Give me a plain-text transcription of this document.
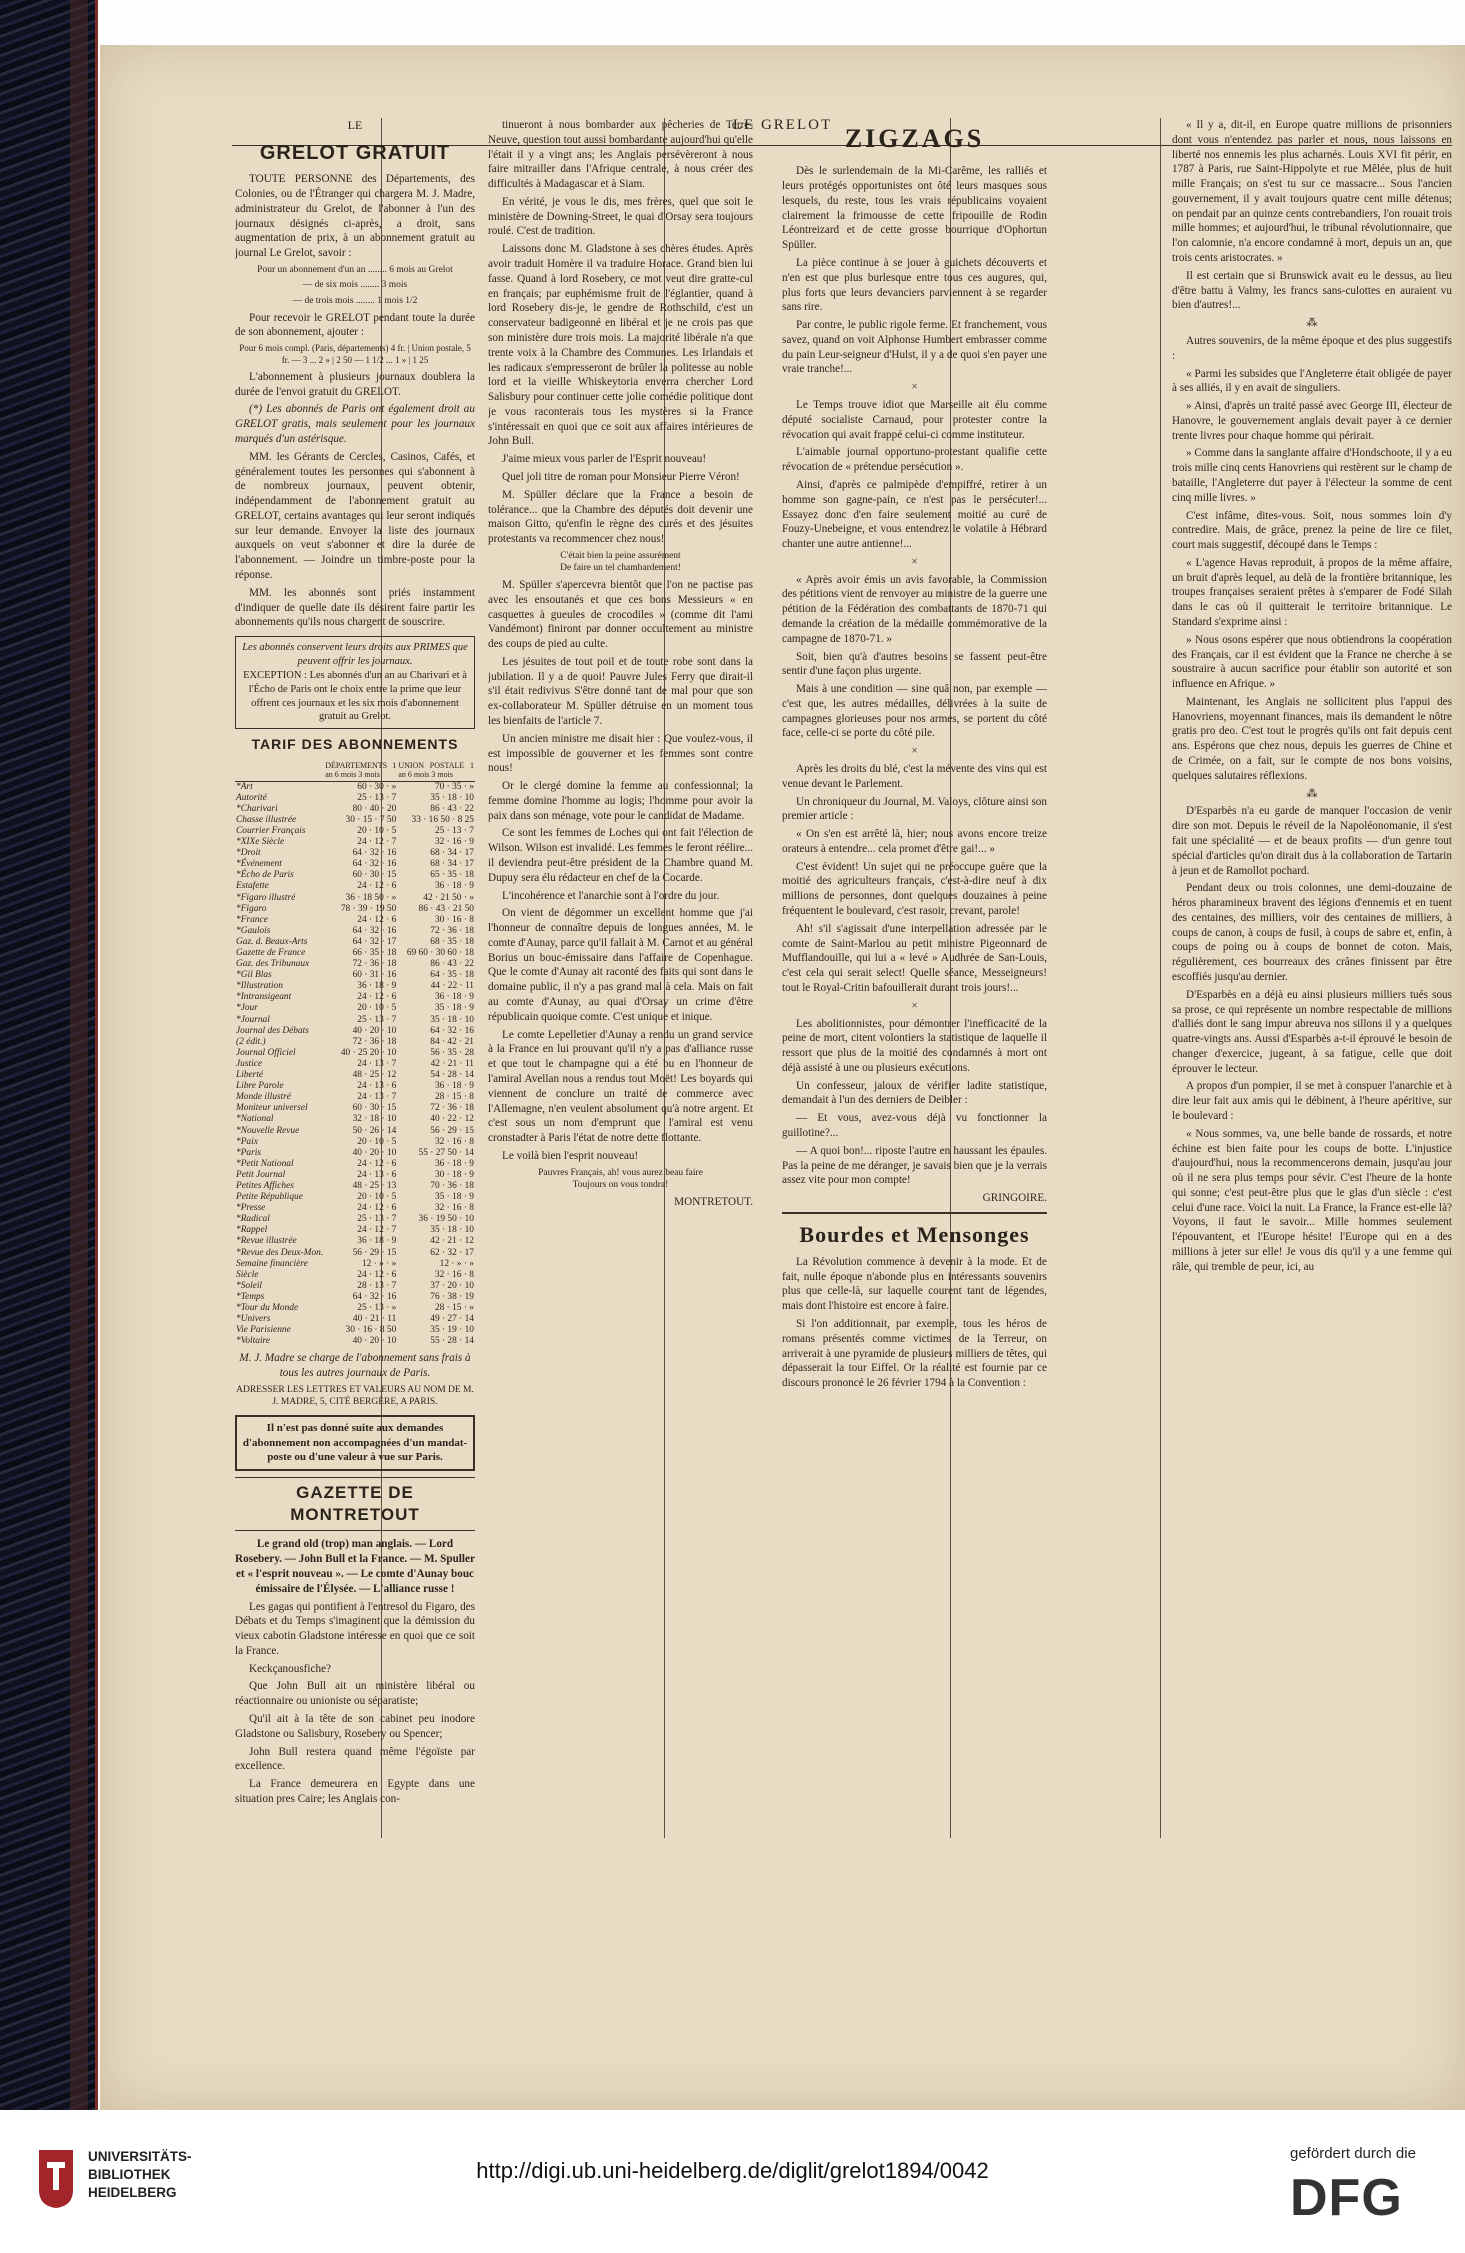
LE GRELOT
LE
GRELOT GRATUIT

TOUTE PERSONNE des Départements, des Colonies, ou de l'Étranger qui chargera M. J. Madre, administrateur du Grelot, de l'abonner à l'un des journaux désignés ci-après, a droit, sans augmentation de prix, à un abonnement gratuit au journal Le Grelot, savoir :

Pour un abonnement d'un an ........ 6 mois au Grelot

— de six mois ........ 3 mois

— de trois mois ........ 1 mois 1/2

Pour recevoir le GRELOT pendant toute la durée de son abonnement, ajouter :

Pour 6 mois compl. (Paris, départements) 4 fr. | Union postale, 5 fr. — 3 ... 2 » | 2 50 — 1 1/2 ... 1 » | 1 25

L'abonnement à plusieurs journaux doublera la durée de l'envoi gratuit du GRELOT.

(*) Les abonnés de Paris ont également droit au GRELOT gratis, mais seulement pour les journaux marqués d'un astérisque.

MM. les Gérants de Cercles, Casinos, Cafés, et généralement toutes les personnes qui s'abonnent à de nombreux journaux, peuvent obtenir, indépendamment de l'abonnement gratuit au GRELOT, certains avantages qui leur seront indiqués sur leur demande. Envoyer la liste des journaux auxquels on veut s'abonner et dire la durée de l'abonnement. — Joindre un timbre-poste pour la réponse.

MM. les abonnés sont priés instamment d'indiquer de quelle date ils désirent faire partir les abonnements qu'ils nous chargent de souscrire.

Les abonnés conservent leurs droits aux PRIMES que peuvent offrir les journaux.
EXCEPTION : Les abonnés d'un an au Charivari et à l'Écho de Paris ont le choix entre la prime que leur offrent ces journaux et les six mois d'abonnement gratuit au Grelot.
TARIF DES ABONNEMENTS
	DÉPARTEMENTS 1 an 6 mois 3 mois	UNION POSTALE 1 an 6 mois 3 mois
*Art	60 · 30 · »	70 · 35 · »
Autorité	25 · 13 · 7	35 · 18 · 10
*Charivari	80 · 40 · 20	86 · 43 · 22
Chasse illustrée	30 · 15 · 7 50	33 · 16 50 · 8 25
Courrier Français	20 · 10 · 5	25 · 13 · 7
*XIXe Siècle	24 · 12 · 7	32 · 16 · 9
*Droit	64 · 32 · 16	68 · 34 · 17
*Événement	64 · 32 · 16	68 · 34 · 17
*Écho de Paris	60 · 30 · 15	65 · 35 · 18
Estafette	24 · 12 · 6	36 · 18 · 9
*Figaro illustré	36 · 18 50 · »	42 · 21 50 · »
*Figaro	78 · 39 · 19 50	86 · 43 · 21 50
*France	24 · 12 · 6	30 · 16 · 8
*Gaulois	64 · 32 · 16	72 · 36 · 18
Gaz. d. Beaux-Arts	64 · 32 · 17	68 · 35 · 18
Gazette de France	66 · 35 · 18	69 60 · 30 60 · 18
Gaz. des Tribunaux	72 · 36 · 18	86 · 43 · 22
*Gil Blas	60 · 31 · 16	64 · 35 · 18
*Illustration	36 · 18 · 9	44 · 22 · 11
*Intransigeant	24 · 12 · 6	36 · 18 · 9
*Jour	20 · 10 · 5	35 · 18 · 9
*Journal	25 · 13 · 7	35 · 18 · 10
Journal des Débats	40 · 20 · 10	64 · 32 · 16
(2 édit.)	72 · 36 · 18	84 · 42 · 21
Journal Officiel	40 · 25 20 · 10	56 · 35 · 28
Justice	24 · 13 · 7	42 · 21 · 11
Liberté	48 · 25 · 12	54 · 28 · 14
Libre Parole	24 · 13 · 6	36 · 18 · 9
Monde illustré	24 · 13 · 7	28 · 15 · 8
Moniteur universel	60 · 30 · 15	72 · 36 · 18
*National	32 · 18 · 10	40 · 22 · 12
*Nouvelle Revue	50 · 26 · 14	56 · 29 · 15
*Paix	20 · 10 · 5	32 · 16 · 8
*Paris	40 · 20 · 10	55 · 27 50 · 14
*Petit National	24 · 12 · 6	36 · 18 · 9
Petit Journal	24 · 13 · 6	30 · 18 · 9
Petites Affiches	48 · 25 · 13	70 · 36 · 18
Petite République	20 · 10 · 5	35 · 18 · 9
*Presse	24 · 12 · 6	32 · 16 · 8
*Radical	25 · 13 · 7	36 · 19 50 · 10
*Rappel	24 · 12 · 7	35 · 18 · 10
*Revue illustrée	36 · 18 · 9	42 · 21 · 12
*Revue des Deux-Mon.	56 · 29 · 15	62 · 32 · 17
Semaine financière	12 · » · »	12 · » · »
Siècle	24 · 12 · 6	32 · 16 · 8
*Soleil	28 · 13 · 7	37 · 20 · 10
*Temps	64 · 32 · 16	76 · 38 · 19
*Tour du Monde	25 · 13 · »	28 · 15 · »
*Univers	40 · 21 · 11	49 · 27 · 14
Vie Parisienne	30 · 16 · 8 50	35 · 19 · 10
*Voltaire	40 · 20 · 10	55 · 28 · 14

M. J. Madre se charge de l'abonnement sans frais à tous les autres journaux de Paris.

ADRESSER LES LETTRES ET VALEURS AU NOM DE M. J. MADRE, 5, CITÉ BERGÈRE, A PARIS.

Il n'est pas donné suite aux demandes d'abonnement non accompagnées d'un mandat-poste ou d'une valeur à vue sur Paris.
GAZETTE DE MONTRETOUT

Le grand old (trop) man anglais. — Lord Rosebery. — John Bull et la France. — M. Spuller et « l'esprit nouveau ». — Le comte d'Aunay bouc émissaire de l'Élysée. — L'alliance russe !

Les gagas qui pontifient à l'entresol du Figaro, des Débats et du Temps s'imaginent que la démission du vieux cabotin Gladstone intéresse en quoi que ce soit la France.

Keckçanousfiche?

Que John Bull ait un ministère libéral ou réactionnaire ou unioniste ou séparatiste;

Qu'il ait à la tête de son cabinet peu inodore Gladstone ou Salisbury, Rosebery ou Spencer;

John Bull restera quand même l'égoïste par excellence.

La France demeurera en Egypte dans une situation pres Caire; les Anglais con-

tinueront à nous bombarder aux pêcheries de Terre-Neuve, question tout aussi bombardante aujourd'hui qu'elle l'était il y a vingt ans; les Anglais persévèreront à nous faire mitrailler dans l'Afrique centrale, à nous créer des difficultés à Madagascar et à Siam.

En vérité, je vous le dis, mes frères, quel que soit le ministère de Downing-Street, le quai d'Orsay sera toujours roulé. C'est de tradition.

Laissons donc M. Gladstone à ses chères études. Après avoir traduit Homère il va traduire Horace. Grand bien lui fasse. Quand à lord Rosebery, ce mot veut dire gratte-cul en français; par euphémisme fruit de l'églantier, quand à lord Rosebery dis-je, le gendre de Rothschild, c'est un conservateur badigeonné en libéral et je ne crois pas que son ministère dure trois mois. La majorité libérale n'a que trente voix à la Chambre des Communes. Les Irlandais et les radicaux s'empresseront de brûler la politesse au noble lord et la vieille Whiskeytoria enverra chercher Lord Salisbury pour continuer cette jolie comédie politique dont je vous raconterais tous les mystères si la France s'intéressait en quoi que ce soit aux affaires intérieures de John Bull.

J'aime mieux vous parler de l'Esprit nouveau!

Quel joli titre de roman pour Monsieur Pierre Véron!

M. Spüller déclare que la France a besoin de tolérance... que la Chambre des députés doit devenir une maison Gitto, qu'enfin le règne des curés et des jésuites protestants va recommencer chez nous!

C'était bien la peine assurément
De faire un tel chambardement!

M. Spüller s'apercevra bientôt que l'on ne pactise pas avec les ensoutanés et que ces bons Messieurs « en casquettes à gueules de crocodiles » (comme dit l'ami Vandémont) finiront par donner occultement au ministre des coups de pied au culte.

Les jésuites de tout poil et de toute robe sont dans la jubilation. Il y a de quoi! Pauvre Jules Ferry que dirait-il s'il était redivivus S'être donné tant de mal pour que son ex-collaborateur M. Spüller détruise en un moment tous les bienfaits de l'article 7.

Un ancien ministre me disait hier : Que voulez-vous, il est impossible de gouverner et les femmes sont contre nous!

Or le clergé domine la femme au confessionnal; la femme domine l'homme au logis; l'homme pour avoir la paix dans son ménage, vote pour le candidat de Madame.

Ce sont les femmes de Loches qui ont fait l'élection de Wilson. Wilson est invalidé. Les femmes le feront réélire... il deviendra peut-être président de la Chambre quand M. Dupuy sera élu rédacteur en chef de la Cocarde.

L'incohérence et l'anarchie sont à l'ordre du jour.

On vient de dégommer un excellent homme que j'ai l'honneur de connaître depuis de longues années, M. le comte d'Aunay, parce qu'il fallait à M. Carnot et au général Borius un bouc-émissaire dans l'affaire de Copenhague. Que le comte d'Aunay ait raconté des faits qui sont dans le domaine public, il n'y a pas grand mal à cela. Mais on fait au comte d'Aunay, au quai d'Orsay un crime d'être républicain quoique comte. C'est unique et inique.

Le comte Lepelletier d'Aunay a rendu un grand service à la France en lui prouvant qu'il n'y a pas d'alliance russe et que tout le champagne qui a été bu en l'honneur de l'amiral Avellan nous a rendus tout Moët! Les boyards qui viennent de conclure un traité de commerce avec l'Allemagne, n'en veulent absolument qu'à notre argent. Et c'est sous un nom d'emprunt que l'amiral est venu cronstadter à Paris l'état de notre dette flottante.

Le voilà bien l'esprit nouveau!

Pauvres Français, ah! vous aurez beau faire
Toujours on vous tondra!

MONTRETOUT.

ZIGZAGS

Dès le surlendemain de la Mi-Carême, les ralliés et leurs protégés opportunistes ont ôté leurs masques sous lesquels, du reste, tous les vrais républicains voyaient clairement la frimousse de cette fripouille de Rodin Léontreizard et de cette grosse bourrique d'Ophortun Spüller.

La pièce continue à se jouer à guichets découverts et n'en est que plus burlesque entre tous ces augures, qui, plus forts que leurs devanciers parviennent à se regarder sans rire.

Par contre, le public rigole ferme. Et franchement, vous savez, quand on voit Alphonse Humbert embrasser comme du pain Leur-seigneur d'Hulst, il y a de quoi s'en payer une vraie tranche!...

×

Le Temps trouve idiot que Marseille ait élu comme député socialiste Carnaud, pour protester contre la révocation qui avait frappé celui-ci comme instituteur.

L'aimable journal opportuno-protestant qualifie cette révocation de « prétendue persécution ».

Ainsi, d'après ce palmipède d'empiffré, retirer à un homme son gagne-pain, ce n'est pas le persécuter!... Essayez donc d'en faire seulement moitié au curé de Fouzy-Unebeigne, et vous entendrez le volatile à Hébrard chanter une autre antienne!...

×

« Après avoir émis un avis favorable, la Commission des pétitions vient de renvoyer au ministre de la guerre une pétition de la Fédération des combattants de 1870-71 qui demande la création de la médaille commémorative de la campagne de 1870-71. »

Soit, bien qu'à d'autres besoins se fassent peut-être sentir d'une façon plus urgente.

Mais à une condition — sine quâ non, par exemple — c'est que, les autres médailles, délivrées à la suite de campagnes glorieuses pour nos armes, se portent du côté face, celle-ci se porte du côté pile.

×

Après les droits du blé, c'est la mévente des vins qui est venue devant le Parlement.

Un chroniqueur du Journal, M. Valoys, clôture ainsi son premier article :

« On s'en est arrêté là, hier; nous avons encore treize orateurs à entendre... cela promet d'être gai!... »

C'est évident! Un sujet qui ne préoccupe guère que la moitié des agriculteurs français, c'est-à-dire neuf à dix millions de personnes, dont quelques douzaines à peine fréquentent le boulevard, c'est rasoir, crevant, parole!

Ah! s'il s'agissait d'une interpellation adressée par le comte de Saint-Marlou au petit ministre Pigeonnard de Mufflandouille, qui lui a « levé » Audhrée de San-Louis, c'est cela qui serait select! Quelle séance, Messeigneurs! tout le Royal-Critin bafouillerait durant trois jours!...

×

Les abolitionnistes, pour démontrer l'inefficacité de la peine de mort, citent volontiers la statistique de laquelle il ressort que plus de la moitié des condamnés à mort ont déjà assisté à une ou plusieurs exécutions.

Un confesseur, jaloux de vérifier ladite statistique, demandait à l'un des derniers de Deibler :

— Et vous, avez-vous déjà vu fonctionner la guillotine?...

— A quoi bon!... riposte l'autre en haussant les épaules. Pas la peine de me déranger, je savais bien que je la verrais assez vite pour mon compte!

GRINGOIRE.

Bourdes et Mensonges

La Révolution commence à devenir à la mode. Et de fait, nulle époque n'abonde plus en intéressants souvenirs plus que celle-là, sur laquelle courent tant de légendes, mais dont l'histoire est encore à faire.

Si l'on additionnait, par exemple, tous les héros de romans présentés comme victimes de la Terreur, on arriverait à une pyramide de plusieurs milliers de têtes, qui dépasserait la tour Eiffel. Or la réalité est fournie par ce discours prononcé le 26 février 1794 à la Convention :

« Il y a, dit-il, en Europe quatre millions de prisonniers dont vous n'entendez pas parler et nous, nous laissons en liberté nos ennemis les plus acharnés. Louis XVI fit périr, en 1787 à Paris, rue Saint-Hippolyte et rue Mêlée, plus de huit mille Français; on s'est tu sur ce massacre... Sous l'ancien gouvernement, il y avait toujours quatre cent mille détenus; on pendait par an quinze cents contrebandiers, l'on rouait trois mille hommes; et aujourd'hui, le tribunal révolutionnaire, que l'on calomnie, n'a encore condamné à mort, depuis un an, que trois cents aristocrates. »

Il est certain que si Brunswick avait eu le dessus, au lieu d'être battu à Valmy, les francs sans-culottes en auraient vu bien d'autres!...

⁂

Autres souvenirs, de la même époque et des plus suggestifs :

« Parmi les subsides que l'Angleterre était obligée de payer à ses alliés, il y en avait de singuliers.

» Ainsi, d'après un traité passé avec George III, électeur de Hanovre, le gouvernement anglais devait payer à ce dernier trente livres pour chaque homme qui périrait.

» Comme dans la sanglante affaire d'Hondschoote, il y a eu trois mille cinq cents Hanovriens qui restèrent sur le champ de bataille, l'Angleterre dut payer à l'électeur la somme de cent cinq mille livres. »

C'est infâme, dites-vous. Soit, nous sommes loin d'y contredire. Mais, de grâce, prenez la peine de lire ce filet, court mais suggestif, découpé dans le Temps :

« L'agence Havas reproduit, à propos de la même affaire, un bruit d'après lequel, au delà de la frontière britannique, les troupes françaises seraient prêtes à s'emparer de Fodé Silah dans le cas où il quitterait le territoire britannique. Le Standard s'exprime ainsi :

» Nous osons espérer que nous obtiendrons la coopération des Français, car il est évident que la France ne cherche à se soustraire à aucun sacrifice pour établir son autorité et son influence en Afrique. »

Maintenant, les Anglais ne sollicitent plus l'appui des Hanovriens, moyennant finances, mais ils demandent le nôtre gratis pro deo. C'est tout le progrès qu'ils ont fait depuis cent ans. Espérons que chez nous, depuis les guerres de Chine et de Crimée, on a fait, sur le compte de nos bons voisins, quelques salutaires réflexions.

⁂

D'Esparbès n'a eu garde de manquer l'occasion de venir dire son mot. Depuis le réveil de la Napoléonomanie, il s'est fait une spécialité — et de beaux profits — d'un genre tout spécial d'articles qu'on dirait dus à la collaboration de Tartarin à jeun et de Ramollot pochard.

Pendant deux ou trois colonnes, une demi-douzaine de héros pharamineux bravent des légions d'ennemis et en tuent des centaines, des milliers, voir des centaines de milliers, à coups de canon, à coups de fusil, à coups de sabre et, enfin, à coups de poing ou à coups de bonnet de coton. Mais, régulièrement, ces bourreaux des crânes finissent par être escoffiés jusqu'au dernier.

D'Esparbès en a déjà eu ainsi plusieurs milliers tués sous sa prose, ce qui représente un nombre respectable de millions d'alliés dont le sang impur abreuva nos sillons il y a quelques quatre-vingts ans. Aussi d'Esparbès a-t-il éprouvé le besoin de changer d'exercice, jugeant, à sa fatigue, celle que doit éprouver le lecteur.

A propos d'un pompier, il se met à conspuer l'anarchie et à dire leur fait aux amis qui le débinent, à l'heure apéritive, sur le boulevard :

« Nous sommes, va, une belle bande de rossards, et notre échine est bien faite pour les coups de botte. L'injustice d'aujourd'hui, nous la recommencerons demain, jusqu'au jour où il ne sera plus temps pour sévir. C'est l'heure de la honte qui sonne; c'est peut-être plus que le glas d'un siècle : c'est celui d'une race. Voici la nuit. La France, la France est-elle là? Voyons, il faut le savoir... Mille hommes seulement l'épouvantent, et l'Europe hésite! l'Europe qui en a des millions à jeter sur elle! Je vous dis qu'il y a une femme qui râle, qui tremble de peur, ici, au

UNIVERSITÄTS-
BIBLIOTHEK
HEIDELBERG
http://digi.ub.uni-heidelberg.de/diglit/grelot1894/0042
gefördert durch die
DFG
